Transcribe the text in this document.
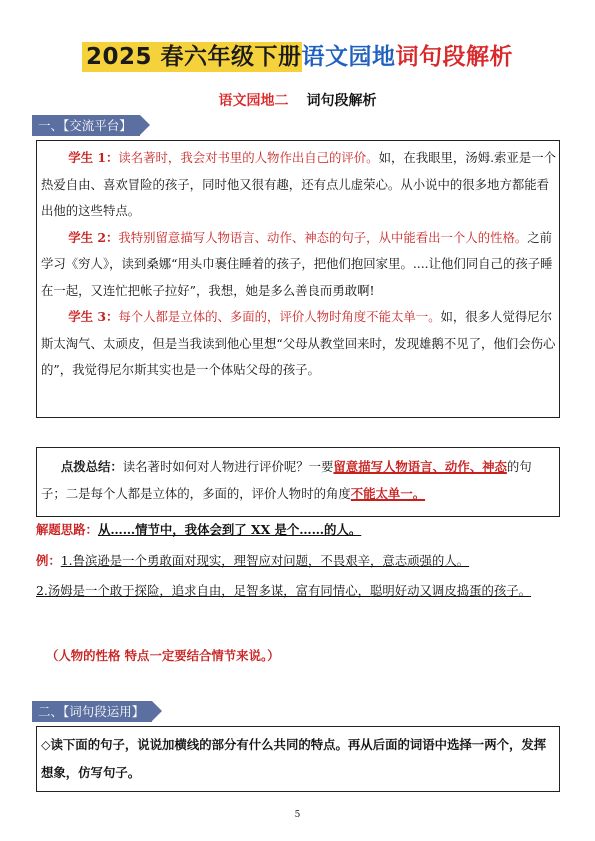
2025 春六年级下册语文园地词句段解析
语文园地二 词句段解析
一、【交流平台】

学生 1：读名著时，我会对书里的人物作出自己的评价。如，在我眼里，汤姆.索亚是一个热爱自由、喜欢冒险的孩子，同时他又很有趣，还有点儿虚荣心。从小说中的很多地方都能看出他的这些特点。

学生 2：我特别留意描写人物语言、动作、神态的句子，从中能看出一个人的性格。之前学习《穷人》，读到桑娜“用头巾裹住睡着的孩子，把他们抱回家里。....让他们同自己的孩子睡在一起，又连忙把帐子拉好”，我想，她是多么善良而勇敢啊!

学生 3：每个人都是立体的、多面的，评价人物时角度不能太单一。如，很多人觉得尼尔斯太淘气、太顽皮，但是当我读到他心里想“父母从教堂回来时，发现雄鹅不见了，他们会伤心的”，我觉得尼尔斯其实也是一个体贴父母的孩子。

点拨总结：读名著时如何对人物进行评价呢？一要留意描写人物语言、动作、神态的句子；二是每个人都是立体的，多面的，评价人物时的角度不能太单一。

解题思路：从……情节中，我体会到了 XX 是个……的人。

例：1.鲁滨逊是一个勇敢面对现实，理智应对问题，不畏艰辛，意志顽强的人。

2.汤姆是一个敢于探险，追求自由，足智多谋，富有同情心，聪明好动又调皮捣蛋的孩子。

（人物的性格 特点一定要结合情节来说。）

二、【词句段运用】

◇读下面的句子，说说加横线的部分有什么共同的特点。再从后面的词语中选择一两个，发挥 想象，仿写句子。

5
